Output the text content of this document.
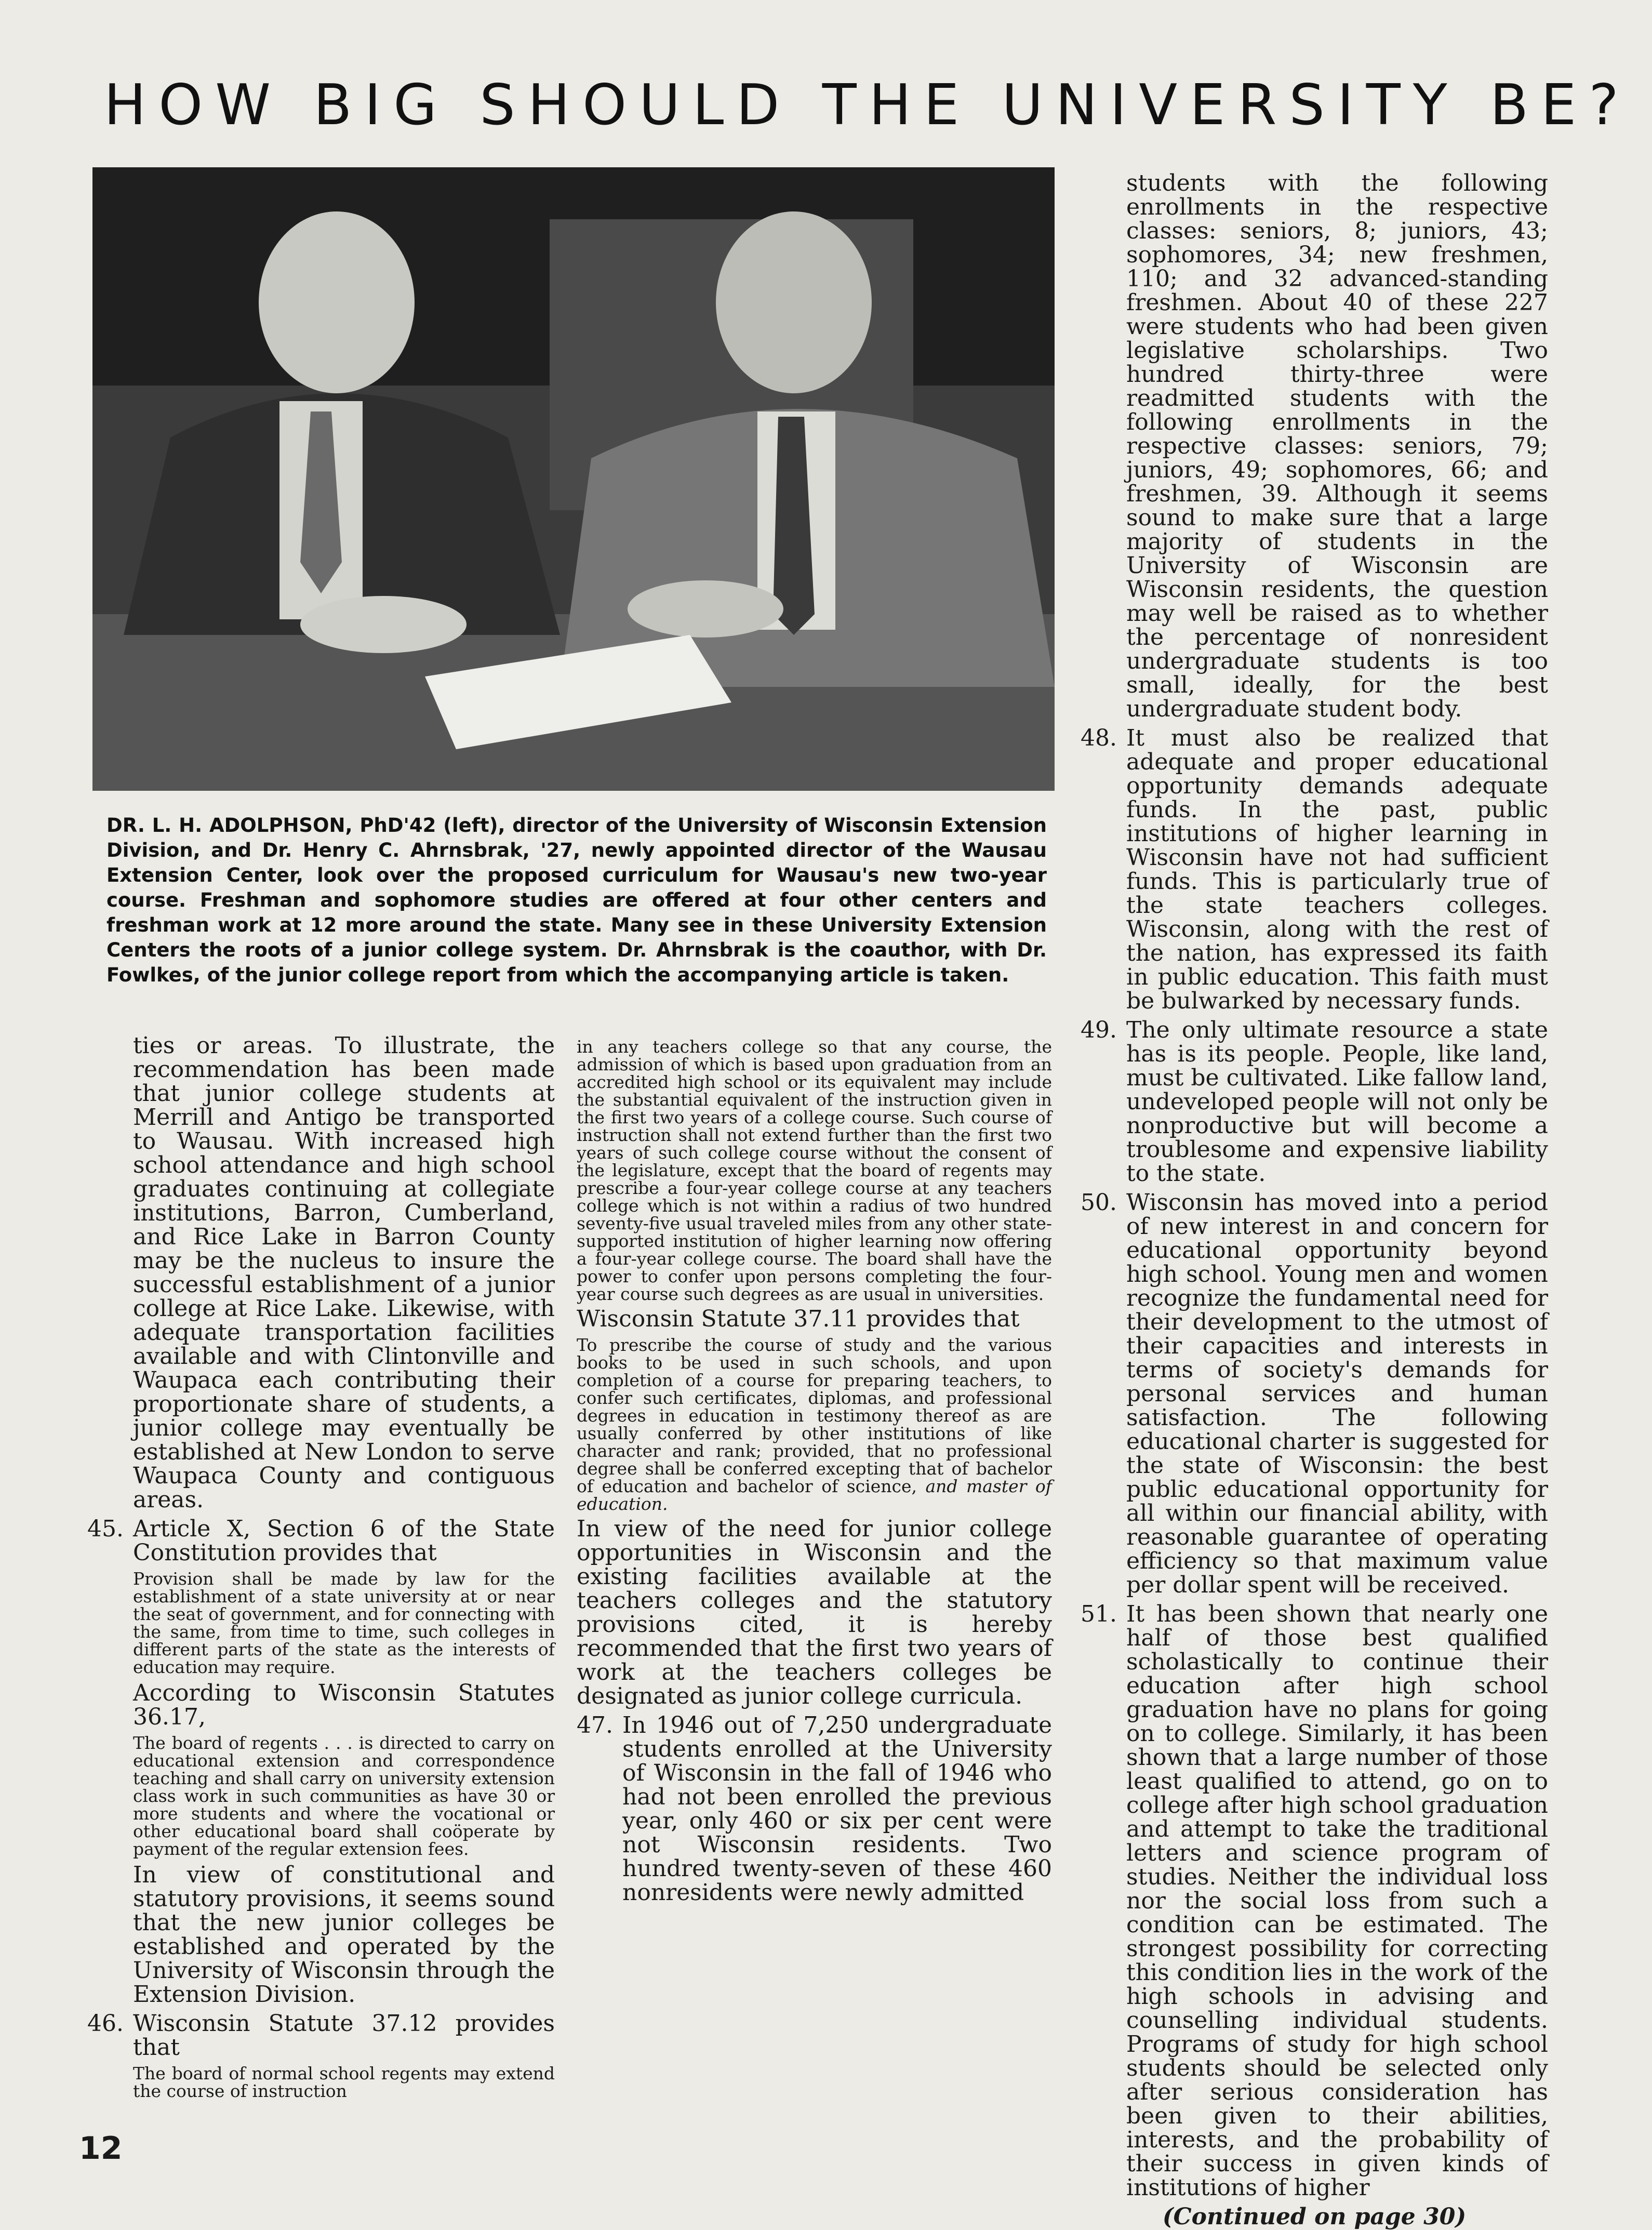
HOW BIG SHOULD THE UNIVERSITY BE?
DR. L. H. ADOLPHSON, PhD'42 (left), director of the University of Wisconsin Extension Division, and Dr. Henry C. Ahrnsbrak, '27, newly appointed director of the Wausau Extension Center, look over the proposed curriculum for Wausau's new two-year course. Freshman and sophomore studies are offered at four other centers and freshman work at 12 more around the state. Many see in these University Extension Centers the roots of a junior college system. Dr. Ahrnsbrak is the coauthor, with Dr. Fowlkes, of the junior college report from which the accompanying article is taken.

ties or areas. To illustrate, the recommendation has been made that junior college students at Merrill and Antigo be transported to Wausau. With increased high school attendance and high school graduates continuing at collegiate institutions, Barron, Cumberland, and Rice Lake in Barron County may be the nucleus to insure the successful establishment of a junior college at Rice Lake. Likewise, with adequate transportation facilities available and with Clintonville and Waupaca each contributing their proportionate share of students, a junior college may eventually be established at New London to serve Waupaca County and contiguous areas.

45. Article X, Section 6 of the State Constitution provides that

Provision shall be made by law for the establishment of a state university at or near the seat of government, and for connecting with the same, from time to time, such colleges in different parts of the state as the interests of education may require.

According to Wisconsin Statutes 36.17,

The board of regents . . . is directed to carry on educational extension and correspondence teaching and shall carry on university extension class work in such communities as have 30 or more students and where the vocational or other educational board shall coöperate by payment of the regular extension fees.

In view of constitutional and statutory provisions, it seems sound that the new junior colleges be established and operated by the University of Wisconsin through the Extension Division.

46. Wisconsin Statute 37.12 provides that

The board of normal school regents may extend the course of instruction

in any teachers college so that any course, the admission of which is based upon graduation from an accredited high school or its equivalent may include the substantial equivalent of the instruction given in the first two years of a college course. Such course of instruction shall not extend further than the first two years of such college course without the consent of the legislature, except that the board of regents may prescribe a four-year college course at any teachers college which is not within a radius of two hundred seventy-five usual traveled miles from any other state-supported institution of higher learning now offering a four-year college course. The board shall have the power to confer upon persons completing the four-year course such degrees as are usual in universities.

Wisconsin Statute 37.11 provides that

To prescribe the course of study and the various books to be used in such schools, and upon completion of a course for preparing teachers, to confer such certificates, diplomas, and professional degrees in education in testimony thereof as are usually conferred by other institutions of like character and rank; provided, that no professional degree shall be conferred excepting that of bachelor of education and bachelor of science, and master of education.

In view of the need for junior college opportunities in Wisconsin and the existing facilities available at the teachers colleges and the statutory provisions cited, it is hereby recommended that the first two years of work at the teachers colleges be designated as junior college curricula.

47. In 1946 out of 7,250 undergraduate students enrolled at the University of Wisconsin in the fall of 1946 who had not been enrolled the previous year, only 460 or six per cent were not Wisconsin residents. Two hundred twenty-seven of these 460 nonresidents were newly admitted

students with the following enrollments in the respective classes: seniors, 8; juniors, 43; sophomores, 34; new freshmen, 110; and 32 advanced-standing freshmen. About 40 of these 227 were students who had been given legislative scholarships. Two hundred thirty-three were readmitted students with the following enrollments in the respective classes: seniors, 79; juniors, 49; sophomores, 66; and freshmen, 39. Although it seems sound to make sure that a large majority of students in the University of Wisconsin are Wisconsin residents, the question may well be raised as to whether the percentage of nonresident undergraduate students is too small, ideally, for the best undergraduate student body.

48. It must also be realized that adequate and proper educational opportunity demands adequate funds. In the past, public institutions of higher learning in Wisconsin have not had sufficient funds. This is particularly true of the state teachers colleges. Wisconsin, along with the rest of the nation, has expressed its faith in public education. This faith must be bulwarked by necessary funds.

49. The only ultimate resource a state has is its people. People, like land, must be cultivated. Like fallow land, undeveloped people will not only be nonproductive but will become a troublesome and expensive liability to the state.

50. Wisconsin has moved into a period of new interest in and concern for educational opportunity beyond high school. Young men and women recognize the fundamental need for their development to the utmost of their capacities and interests in terms of society's demands for personal services and human satisfaction. The following educational charter is suggested for the state of Wisconsin: the best public educational opportunity for all within our financial ability, with reasonable guarantee of operating efficiency so that maximum value per dollar spent will be received.

51. It has been shown that nearly one half of those best qualified scholastically to continue their education after high school graduation have no plans for going on to college. Similarly, it has been shown that a large number of those least qualified to attend, go on to college after high school graduation and attempt to take the traditional letters and science program of studies. Neither the individual loss nor the social loss from such a condition can be estimated. The strongest possibility for correcting this condition lies in the work of the high schools in advising and counselling individual students. Programs of study for high school students should be selected only after serious consideration has been given to their abilities, interests, and the probability of their success in given kinds of institutions of higher

(Continued on page 30)

12
